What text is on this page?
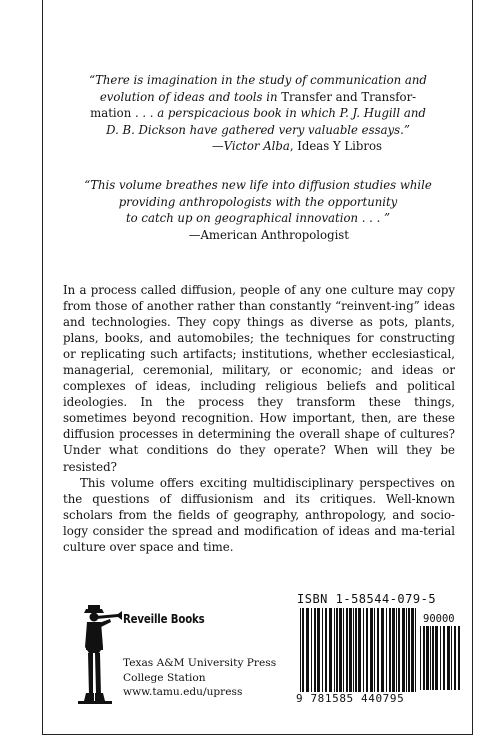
“There is imagination in the study of communication and
evolution of ideas and tools in Transfer and Transfor-
mation . . . a perspicacious book in which P. J. Hugill and
D. B. Dickson have gathered very valuable essays.”

—Victor Alba, Ideas Y Libros
“This volume breathes new life into diffusion studies while
providing anthropologists with the opportunity
to catch up on geographical innovation . . . ”

—American Anthropologist

In a process called diffusion, people of any one culture may copy from those of another rather than constantly “reinvent-ing” ideas and technologies. They copy things as diverse as pots, plants, plans, books, and automobiles; the techniques for constructing or replicating such artifacts; institutions, whether ecclesiastical, managerial, ceremonial, military, or economic; and ideas or complexes of ideas, including religious beliefs and political ideologies. In the process they transform these things, sometimes beyond recognition. How important, then, are these diffusion processes in determining the overall shape of cultures? Under what conditions do they operate? When will they be resisted?

This volume offers exciting multidisciplinary perspectives on the questions of diffusionism and its critiques. Well-known scholars from the fields of geography, anthropology, and socio-logy consider the spread and modification of ideas and ma-terial culture over space and time.

Reveille Books
Texas A&M University Press
College Station
www.tamu.edu/upress
ISBN 1-58544-079-5
90000
9 781585 440795
